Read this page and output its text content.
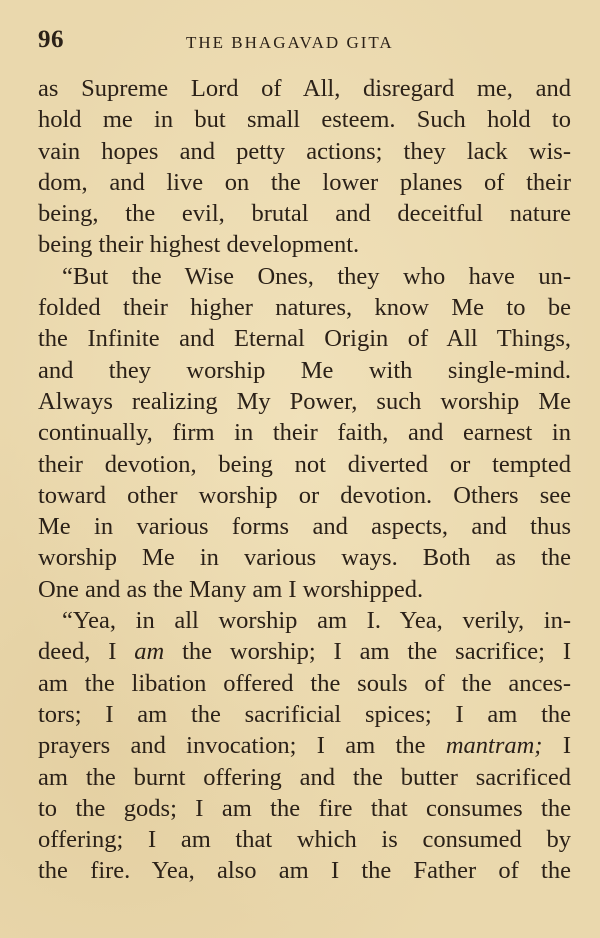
96	THE BHAGAVAD GITA
as Supreme Lord of All, disregard me, and
hold me in but small esteem. Such hold to
vain hopes and petty actions; they lack wis-
dom, and live on the lower planes of their
being, the evil, brutal and deceitful nature
being their highest development.
“But the Wise Ones, they who have un-
folded their higher natures, know Me to be
the Infinite and Eternal Origin of All Things,
and they worship Me with single-mind.
Always realizing My Power, such worship Me
continually, firm in their faith, and earnest in
their devotion, being not diverted or tempted
toward other worship or devotion. Others see
Me in various forms and aspects, and thus
worship Me in various ways. Both as the
One and as the Many am I worshipped.
“Yea, in all worship am I. Yea, verily, in-
deed, I am the worship; I am the sacrifice; I
am the libation offered the souls of the ances-
tors; I am the sacrificial spices; I am the
prayers and invocation; I am the mantram; I
am the burnt offering and the butter sacrificed
to the gods; I am the fire that consumes the
offering; I am that which is consumed by
the fire. Yea, also am I the Father of the
